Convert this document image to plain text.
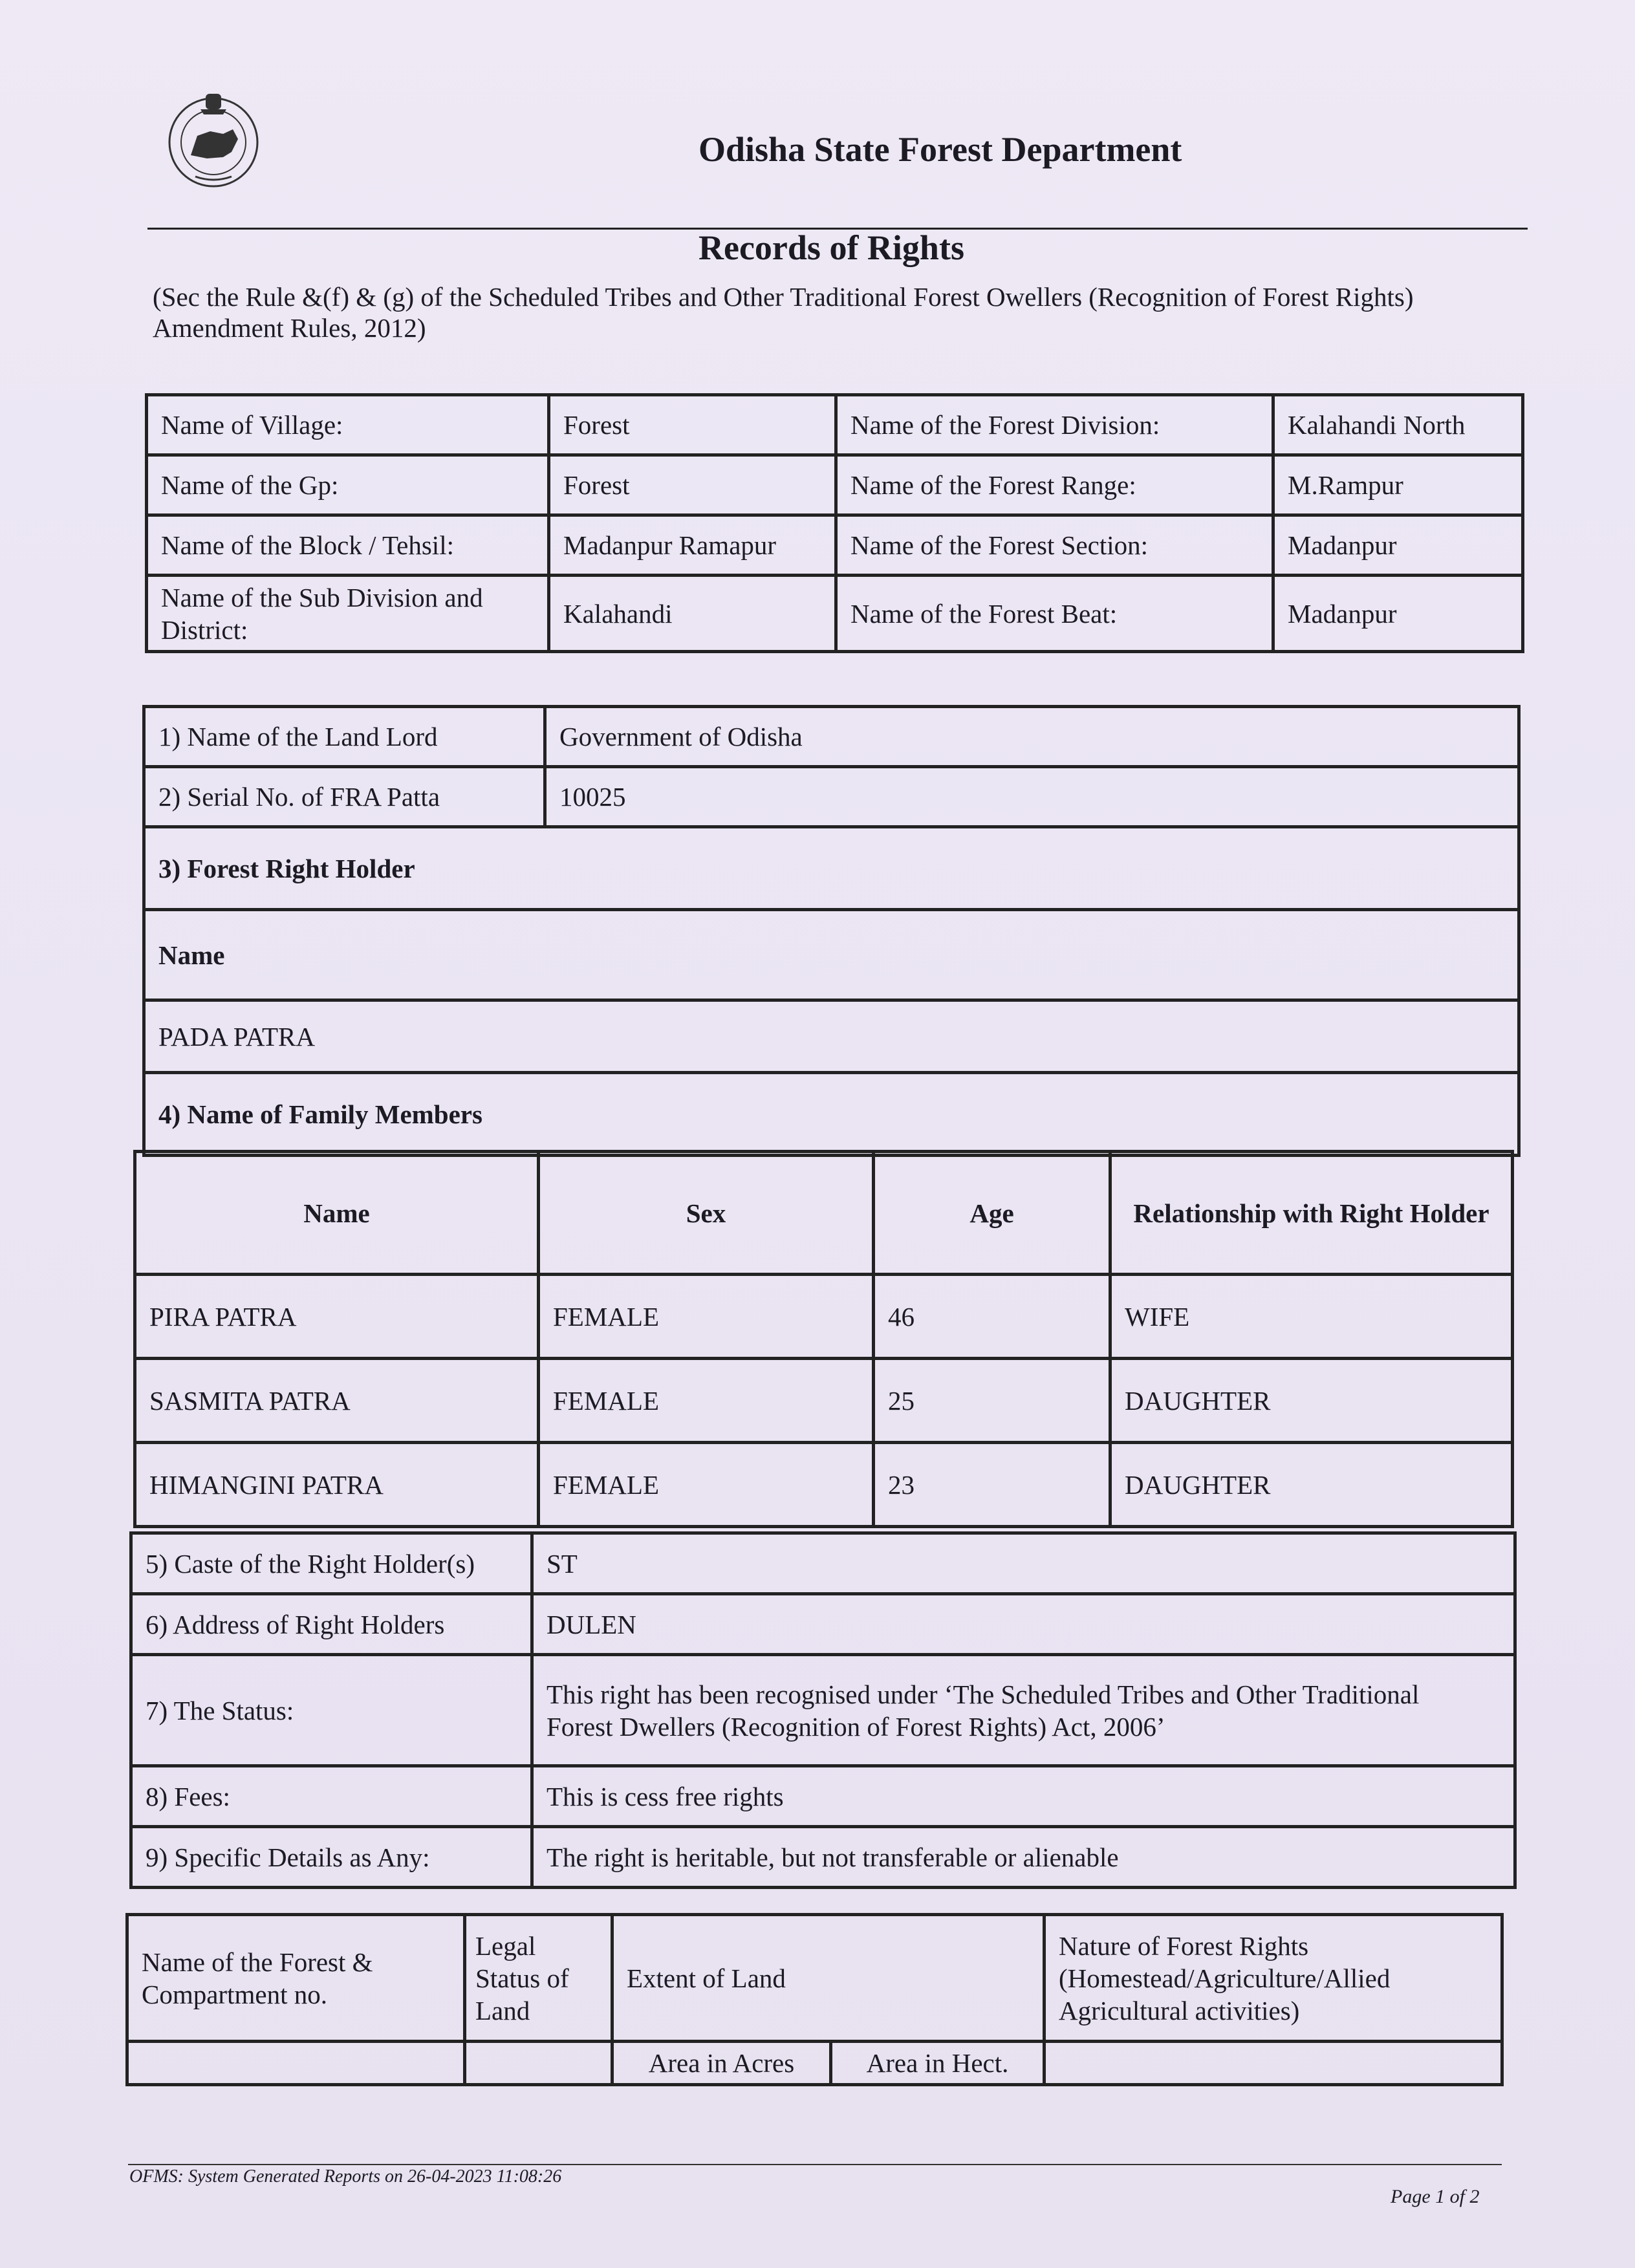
Odisha State Forest Department
Records of Rights
(Sec the Rule &(f) & (g) of the Scheduled Tribes and Other Traditional Forest Owellers (Recognition of Forest Rights) Amendment Rules, 2012)
Name of Village:	Forest	Name of the Forest Division:	Kalahandi North
Name of the Gp:	Forest	Name of the Forest Range:	M.Rampur
Name of the Block / Tehsil:	Madanpur Ramapur	Name of the Forest Section:	Madanpur
Name of the Sub Division and District:	Kalahandi	Name of the Forest Beat:	Madanpur
1) Name of the Land Lord	Government of Odisha
2) Serial No. of FRA Patta	10025
3) Forest Right Holder	
Name	
PADA PATRA	
4) Name of Family Members	
Name	Sex	Age	Relationship with Right Holder
PIRA PATRA	FEMALE	46	WIFE
SASMITA PATRA	FEMALE	25	DAUGHTER
HIMANGINI PATRA	FEMALE	23	DAUGHTER
5) Caste of the Right Holder(s)	ST
6) Address of Right Holders	DULEN
7) The Status:	This right has been recognised under ‘The Scheduled Tribes and Other Traditional
Forest Dwellers (Recognition of Forest Rights) Act, 2006’

8) Fees:	This is cess free rights
9) Specific Details as Any:	The right is heritable, but not transferable or alienable
Name of the Forest & Compartment no.	Legal Status of Land	Extent of Land		Nature of Forest Rights (Homestead/Agriculture/Allied Agricultural activities)
		Area in Acres	Area in Hect.	
OFMS: System Generated Reports on 26-04-2023 11:08:26
Page 1 of 2
